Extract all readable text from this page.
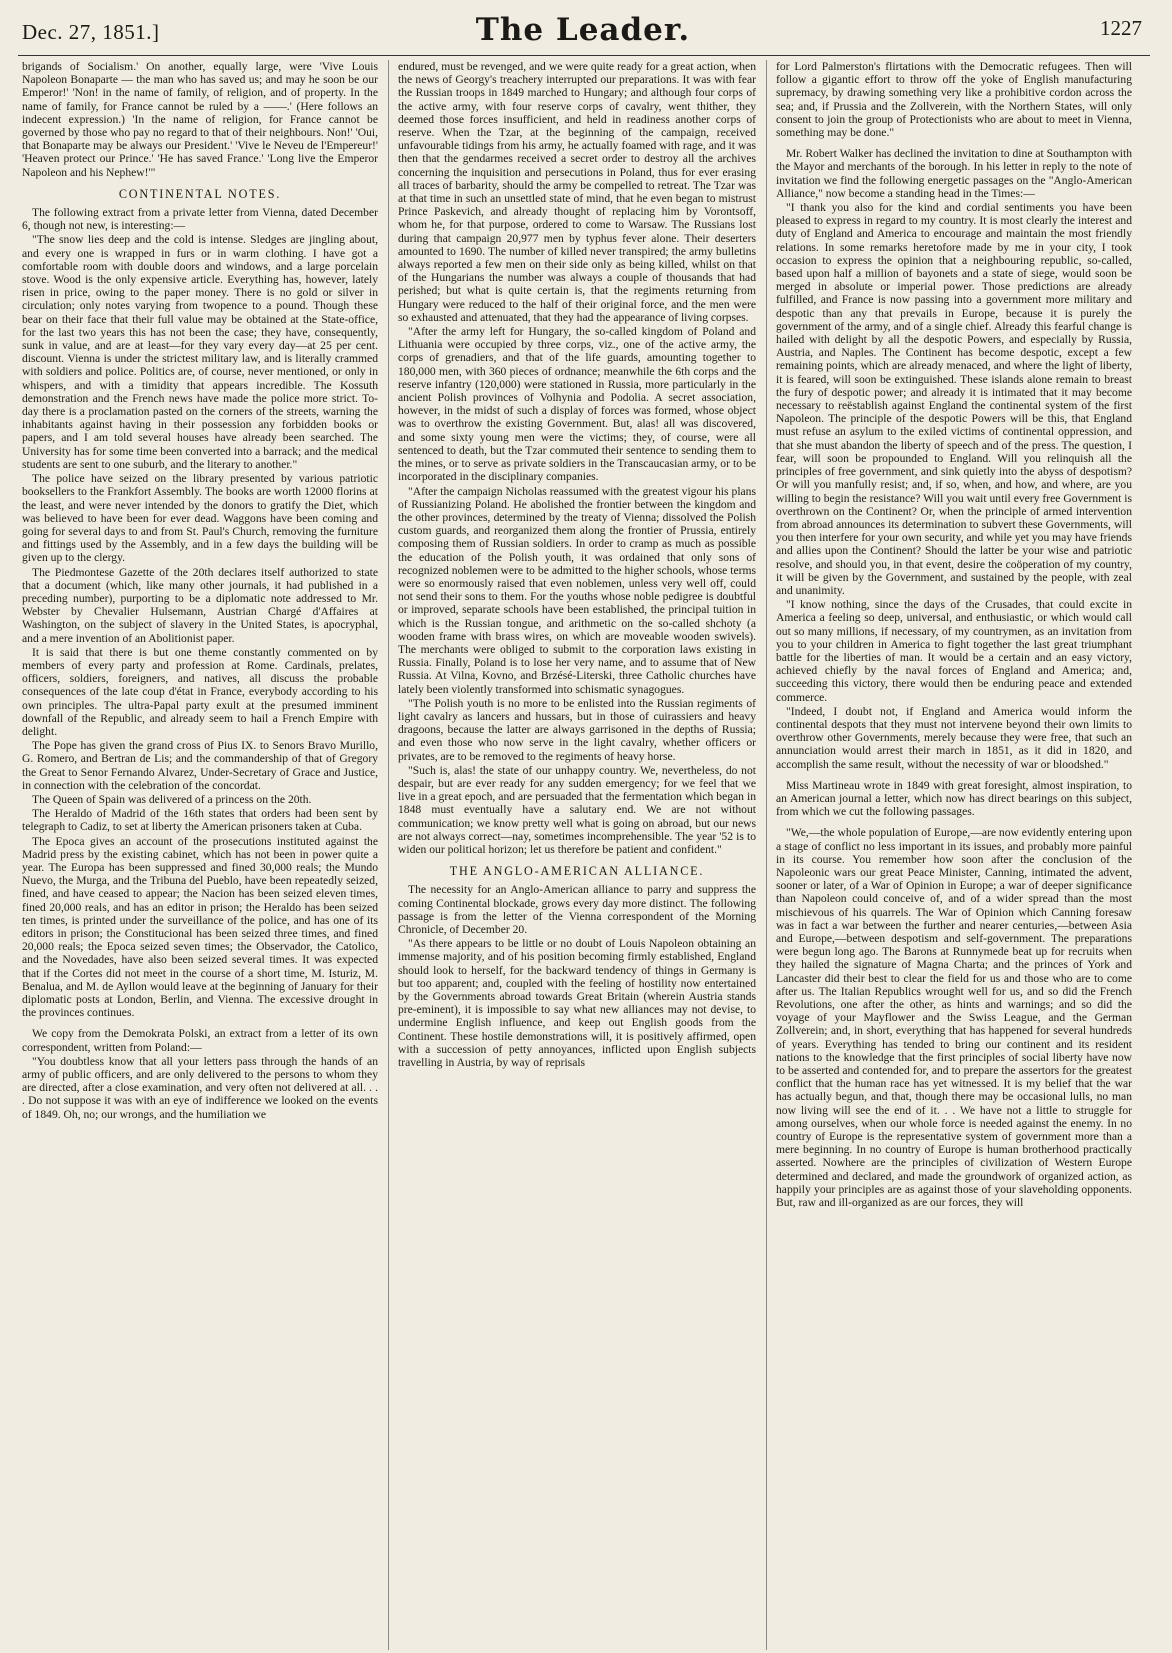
Dec. 27, 1851.]	The Leader.	1227

brigands of Socialism.' On another, equally large, were 'Vive Louis Napoleon Bonaparte — the man who has saved us; and may he soon be our Emperor!' 'Non! in the name of family, of religion, and of property. In the name of family, for France cannot be ruled by a ——.' (Here follows an indecent expression.) 'In the name of religion, for France cannot be governed by those who pay no regard to that of their neighbours. Non!' 'Oui, that Bonaparte may be always our President.' 'Vive le Neveu de l'Empereur!' 'Heaven protect our Prince.' 'He has saved France.' 'Long live the Emperor Napoleon and his Nephew!'"

CONTINENTAL NOTES.

The following extract from a private letter from Vienna, dated December 6, though not new, is interesting:—

"The snow lies deep and the cold is intense. Sledges are jingling about, and every one is wrapped in furs or in warm clothing. I have got a comfortable room with double doors and windows, and a large porcelain stove. Wood is the only expensive article. Everything has, however, lately risen in price, owing to the paper money. There is no gold or silver in circulation; only notes varying from twopence to a pound. Though these bear on their face that their full value may be obtained at the State-office, for the last two years this has not been the case; they have, consequently, sunk in value, and are at least—for they vary every day—at 25 per cent. discount. Vienna is under the strictest military law, and is literally crammed with soldiers and police. Politics are, of course, never mentioned, or only in whispers, and with a timidity that appears incredible. The Kossuth demonstration and the French news have made the police more strict. To-day there is a proclamation pasted on the corners of the streets, warning the inhabitants against having in their possession any forbidden books or papers, and I am told several houses have already been searched. The University has for some time been converted into a barrack; and the medical students are sent to one suburb, and the literary to another."

The police have seized on the library presented by various patriotic booksellers to the Frankfort Assembly. The books are worth 12000 florins at the least, and were never intended by the donors to gratify the Diet, which was believed to have been for ever dead. Waggons have been coming and going for several days to and from St. Paul's Church, removing the furniture and fittings used by the Assembly, and in a few days the building will be given up to the clergy.

The Piedmontese Gazette of the 20th declares itself authorized to state that a document (which, like many other journals, it had published in a preceding number), purporting to be a diplomatic note addressed to Mr. Webster by Chevalier Hulsemann, Austrian Chargé d'Affaires at Washington, on the subject of slavery in the United States, is apocryphal, and a mere invention of an Abolitionist paper.

It is said that there is but one theme constantly commented on by members of every party and profession at Rome. Cardinals, prelates, officers, soldiers, foreigners, and natives, all discuss the probable consequences of the late coup d'état in France, everybody according to his own principles. The ultra-Papal party exult at the presumed imminent downfall of the Republic, and already seem to hail a French Empire with delight.

The Pope has given the grand cross of Pius IX. to Senors Bravo Murillo, G. Romero, and Bertran de Lis; and the commandership of that of Gregory the Great to Senor Fernando Alvarez, Under-Secretary of Grace and Justice, in connection with the celebration of the concordat.

The Queen of Spain was delivered of a princess on the 20th.

The Heraldo of Madrid of the 16th states that orders had been sent by telegraph to Cadiz, to set at liberty the American prisoners taken at Cuba.

The Epoca gives an account of the prosecutions instituted against the Madrid press by the existing cabinet, which has not been in power quite a year. The Europa has been suppressed and fined 30,000 reals; the Mundo Nuevo, the Murga, and the Tribuna del Pueblo, have been repeatedly seized, fined, and have ceased to appear; the Nacion has been seized eleven times, fined 20,000 reals, and has an editor in prison; the Heraldo has been seized ten times, is printed under the surveillance of the police, and has one of its editors in prison; the Constitucional has been seized three times, and fined 20,000 reals; the Epoca seized seven times; the Observador, the Catolico, and the Novedades, have also been seized several times. It was expected that if the Cortes did not meet in the course of a short time, M. Isturiz, M. Benalua, and M. de Ayllon would leave at the beginning of January for their diplomatic posts at London, Berlin, and Vienna. The excessive drought in the provinces continues.

We copy from the Demokrata Polski, an extract from a letter of its own correspondent, written from Poland:—

"You doubtless know that all your letters pass through the hands of an army of public officers, and are only delivered to the persons to whom they are directed, after a close examination, and very often not delivered at all. . . . Do not suppose it was with an eye of indifference we looked on the events of 1849. Oh, no; our wrongs, and the humiliation we

endured, must be revenged, and we were quite ready for a great action, when the news of Georgy's treachery interrupted our preparations. It was with fear the Russian troops in 1849 marched to Hungary; and although four corps of the active army, with four reserve corps of cavalry, went thither, they deemed those forces insufficient, and held in readiness another corps of reserve. When the Tzar, at the beginning of the campaign, received unfavourable tidings from his army, he actually foamed with rage, and it was then that the gendarmes received a secret order to destroy all the archives concerning the inquisition and persecutions in Poland, thus for ever erasing all traces of barbarity, should the army be compelled to retreat. The Tzar was at that time in such an unsettled state of mind, that he even began to mistrust Prince Paskevich, and already thought of replacing him by Vorontsoff, whom he, for that purpose, ordered to come to Warsaw. The Russians lost during that campaign 20,977 men by typhus fever alone. Their deserters amounted to 1690. The number of killed never transpired; the army bulletins always reported a few men on their side only as being killed, whilst on that of the Hungarians the number was always a couple of thousands that had perished; but what is quite certain is, that the regiments returning from Hungary were reduced to the half of their original force, and the men were so exhausted and attenuated, that they had the appearance of living corpses.

"After the army left for Hungary, the so-called kingdom of Poland and Lithuania were occupied by three corps, viz., one of the active army, the corps of grenadiers, and that of the life guards, amounting together to 180,000 men, with 360 pieces of ordnance; meanwhile the 6th corps and the reserve infantry (120,000) were stationed in Russia, more particularly in the ancient Polish provinces of Volhynia and Podolia. A secret association, however, in the midst of such a display of forces was formed, whose object was to overthrow the existing Government. But, alas! all was discovered, and some sixty young men were the victims; they, of course, were all sentenced to death, but the Tzar commuted their sentence to sending them to the mines, or to serve as private soldiers in the Transcaucasian army, or to be incorporated in the disciplinary companies.

"After the campaign Nicholas reassumed with the greatest vigour his plans of Russianizing Poland. He abolished the frontier between the kingdom and the other provinces, determined by the treaty of Vienna; dissolved the Polish custom guards, and reorganized them along the frontier of Prussia, entirely composing them of Russian soldiers. In order to cramp as much as possible the education of the Polish youth, it was ordained that only sons of recognized noblemen were to be admitted to the higher schools, whose terms were so enormously raised that even noblemen, unless very well off, could not send their sons to them. For the youths whose noble pedigree is doubtful or improved, separate schools have been established, the principal tuition in which is the Russian tongue, and arithmetic on the so-called shchoty (a wooden frame with brass wires, on which are moveable wooden swivels). The merchants were obliged to submit to the corporation laws existing in Russia. Finally, Poland is to lose her very name, and to assume that of New Russia. At Vilna, Kovno, and Brzésé-Literski, three Catholic churches have lately been violently transformed into schismatic synagogues.

"The Polish youth is no more to be enlisted into the Russian regiments of light cavalry as lancers and hussars, but in those of cuirassiers and heavy dragoons, because the latter are always garrisoned in the depths of Russia; and even those who now serve in the light cavalry, whether officers or privates, are to be removed to the regiments of heavy horse.

"Such is, alas! the state of our unhappy country. We, nevertheless, do not despair, but are ever ready for any sudden emergency; for we feel that we live in a great epoch, and are persuaded that the fermentation which began in 1848 must eventually have a salutary end. We are not without communication; we know pretty well what is going on abroad, but our news are not always correct—nay, sometimes incomprehensible. The year '52 is to widen our political horizon; let us therefore be patient and confident."

THE ANGLO-AMERICAN ALLIANCE.

The necessity for an Anglo-American alliance to parry and suppress the coming Continental blockade, grows every day more distinct. The following passage is from the letter of the Vienna correspondent of the Morning Chronicle, of December 20.

"As there appears to be little or no doubt of Louis Napoleon obtaining an immense majority, and of his position becoming firmly established, England should look to herself, for the backward tendency of things in Germany is but too apparent; and, coupled with the feeling of hostility now entertained by the Governments abroad towards Great Britain (wherein Austria stands pre-eminent), it is impossible to say what new alliances may not devise, to undermine English influence, and keep out English goods from the Continent. These hostile demonstrations will, it is positively affirmed, open with a succession of petty annoyances, inflicted upon English subjects travelling in Austria, by way of reprisals

for Lord Palmerston's flirtations with the Democratic refugees. Then will follow a gigantic effort to throw off the yoke of English manufacturing supremacy, by drawing something very like a prohibitive cordon across the sea; and, if Prussia and the Zollverein, with the Northern States, will only consent to join the group of Protectionists who are about to meet in Vienna, something may be done."

Mr. Robert Walker has declined the invitation to dine at Southampton with the Mayor and merchants of the borough. In his letter in reply to the note of invitation we find the following energetic passages on the "Anglo-American Alliance," now become a standing head in the Times:—

"I thank you also for the kind and cordial sentiments you have been pleased to express in regard to my country. It is most clearly the interest and duty of England and America to encourage and maintain the most friendly relations. In some remarks heretofore made by me in your city, I took occasion to express the opinion that a neighbouring republic, so-called, based upon half a million of bayonets and a state of siege, would soon be merged in absolute or imperial power. Those predictions are already fulfilled, and France is now passing into a government more military and despotic than any that prevails in Europe, because it is purely the government of the army, and of a single chief. Already this fearful change is hailed with delight by all the despotic Powers, and especially by Russia, Austria, and Naples. The Continent has become despotic, except a few remaining points, which are already menaced, and where the light of liberty, it is feared, will soon be extinguished. These islands alone remain to breast the fury of despotic power; and already it is intimated that it may become necessary to reëstablish against England the continental system of the first Napoleon. The principle of the despotic Powers will be this, that England must refuse an asylum to the exiled victims of continental oppression, and that she must abandon the liberty of speech and of the press. The question, I fear, will soon be propounded to England. Will you relinquish all the principles of free government, and sink quietly into the abyss of despotism? Or will you manfully resist; and, if so, when, and how, and where, are you willing to begin the resistance? Will you wait until every free Government is overthrown on the Continent? Or, when the principle of armed intervention from abroad announces its determination to subvert these Governments, will you then interfere for your own security, and while yet you may have friends and allies upon the Continent? Should the latter be your wise and patriotic resolve, and should you, in that event, desire the coöperation of my country, it will be given by the Government, and sustained by the people, with zeal and unanimity.

"I know nothing, since the days of the Crusades, that could excite in America a feeling so deep, universal, and enthusiastic, or which would call out so many millions, if necessary, of my countrymen, as an invitation from you to your children in America to fight together the last great triumphant battle for the liberties of man. It would be a certain and an easy victory, achieved chiefly by the naval forces of England and America; and, succeeding this victory, there would then be enduring peace and extended commerce.

"Indeed, I doubt not, if England and America would inform the continental despots that they must not intervene beyond their own limits to overthrow other Governments, merely because they were free, that such an annunciation would arrest their march in 1851, as it did in 1820, and accomplish the same result, without the necessity of war or bloodshed."

Miss Martineau wrote in 1849 with great foresight, almost inspiration, to an American journal a letter, which now has direct bearings on this subject, from which we cut the following passages.

"We,—the whole population of Europe,—are now evidently entering upon a stage of conflict no less important in its issues, and probably more painful in its course. You remember how soon after the conclusion of the Napoleonic wars our great Peace Minister, Canning, intimated the advent, sooner or later, of a War of Opinion in Europe; a war of deeper significance than Napoleon could conceive of, and of a wider spread than the most mischievous of his quarrels. The War of Opinion which Canning foresaw was in fact a war between the further and nearer centuries,—between Asia and Europe,—between despotism and self-government. The preparations were begun long ago. The Barons at Runnymede beat up for recruits when they hailed the signature of Magna Charta; and the princes of York and Lancaster did their best to clear the field for us and those who are to come after us. The Italian Republics wrought well for us, and so did the French Revolutions, one after the other, as hints and warnings; and so did the voyage of your Mayflower and the Swiss League, and the German Zollverein; and, in short, everything that has happened for several hundreds of years. Everything has tended to bring our continent and its resident nations to the knowledge that the first principles of social liberty have now to be asserted and contended for, and to prepare the assertors for the greatest conflict that the human race has yet witnessed. It is my belief that the war has actually begun, and that, though there may be occasional lulls, no man now living will see the end of it. . . We have not a little to struggle for among ourselves, when our whole force is needed against the enemy. In no country of Europe is the representative system of government more than a mere beginning. In no country of Europe is human brotherhood practically asserted. Nowhere are the principles of civilization of Western Europe determined and declared, and made the groundwork of organized action, as happily your principles are as against those of your slaveholding opponents. But, raw and ill-organized as are our forces, they will
